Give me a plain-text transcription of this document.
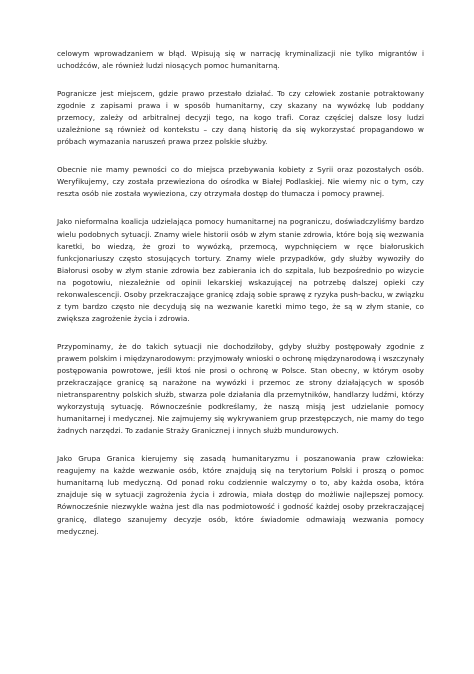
celowym wprowadzaniem w błąd. Wpisują się w narrację kryminalizacji nie tylko migrantów i uchodźców, ale również ludzi niosących pomoc humanitarną.

Pogranicze jest miejscem, gdzie prawo przestało działać. To czy człowiek zostanie potraktowany zgodnie z zapisami prawa i w sposób humanitarny, czy skazany na wywózkę lub poddany przemocy, zależy od arbitralnej decyzji tego, na kogo trafi. Coraz częściej dalsze losy ludzi uzależnione są również od kontekstu – czy daną historię da się wykorzystać propagandowo w próbach wymazania naruszeń prawa przez polskie służby.

Obecnie nie mamy pewności co do miejsca przebywania kobiety z Syrii oraz pozostałych osób. Weryfikujemy, czy została przewieziona do ośrodka w Białej Podlaskiej. Nie wiemy nic o tym, czy reszta osób nie została wywieziona, czy otrzymała dostęp do tłumacza i pomocy prawnej.

Jako nieformalna koalicja udzielająca pomocy humanitarnej na pograniczu, doświadczyliśmy bardzo wielu podobnych sytuacji. Znamy wiele historii osób w złym stanie zdrowia, które boją się wezwania karetki, bo wiedzą, że grozi to wywózką, przemocą, wypchnięciem w ręce białoruskich funkcjonariuszy często stosujących tortury. Znamy wiele przypadków, gdy służby wywoziły do Białorusi osoby w złym stanie zdrowia bez zabierania ich do szpitala, lub bezpośrednio po wizycie na pogotowiu, niezależnie od opinii lekarskiej wskazującej na potrzebę dalszej opieki czy rekonwalescencji. Osoby przekraczające granicę zdają sobie sprawę z ryzyka push-backu, w związku z tym bardzo często nie decydują się na wezwanie karetki mimo tego, że są w złym stanie, co zwiększa zagrożenie życia i zdrowia.

Przypominamy, że do takich sytuacji nie dochodziłoby, gdyby służby postępowały zgodnie z prawem polskim i międzynarodowym: przyjmowały wnioski o ochronę międzynarodową i wszczynały postępowania powrotowe, jeśli ktoś nie prosi o ochronę w Polsce. Stan obecny, w którym osoby przekraczające granicę są narażone na wywózki i przemoc ze strony działających w sposób nietransparentny polskich służb, stwarza pole działania dla przemytników, handlarzy ludźmi, którzy wykorzystują sytuację. Równocześnie podkreślamy, że naszą misją jest udzielanie pomocy humanitarnej i medycznej. Nie zajmujemy się wykrywaniem grup przestępczych, nie mamy do tego żadnych narzędzi. To zadanie Straży Granicznej i innych służb mundurowych.

Jako Grupa Granica kierujemy się zasadą humanitaryzmu i poszanowania praw człowieka: reagujemy na każde wezwanie osób, które znajdują się na terytorium Polski i proszą o pomoc humanitarną lub medyczną. Od ponad roku codziennie walczymy o to, aby każda osoba, która znajduje się w sytuacji zagrożenia życia i zdrowia, miała dostęp do możliwie najlepszej pomocy. Równocześnie niezwykle ważna jest dla nas podmiotowość i godność każdej osoby przekraczającej granicę, dlatego szanujemy decyzje osób, które świadomie odmawiają wezwania pomocy medycznej.
